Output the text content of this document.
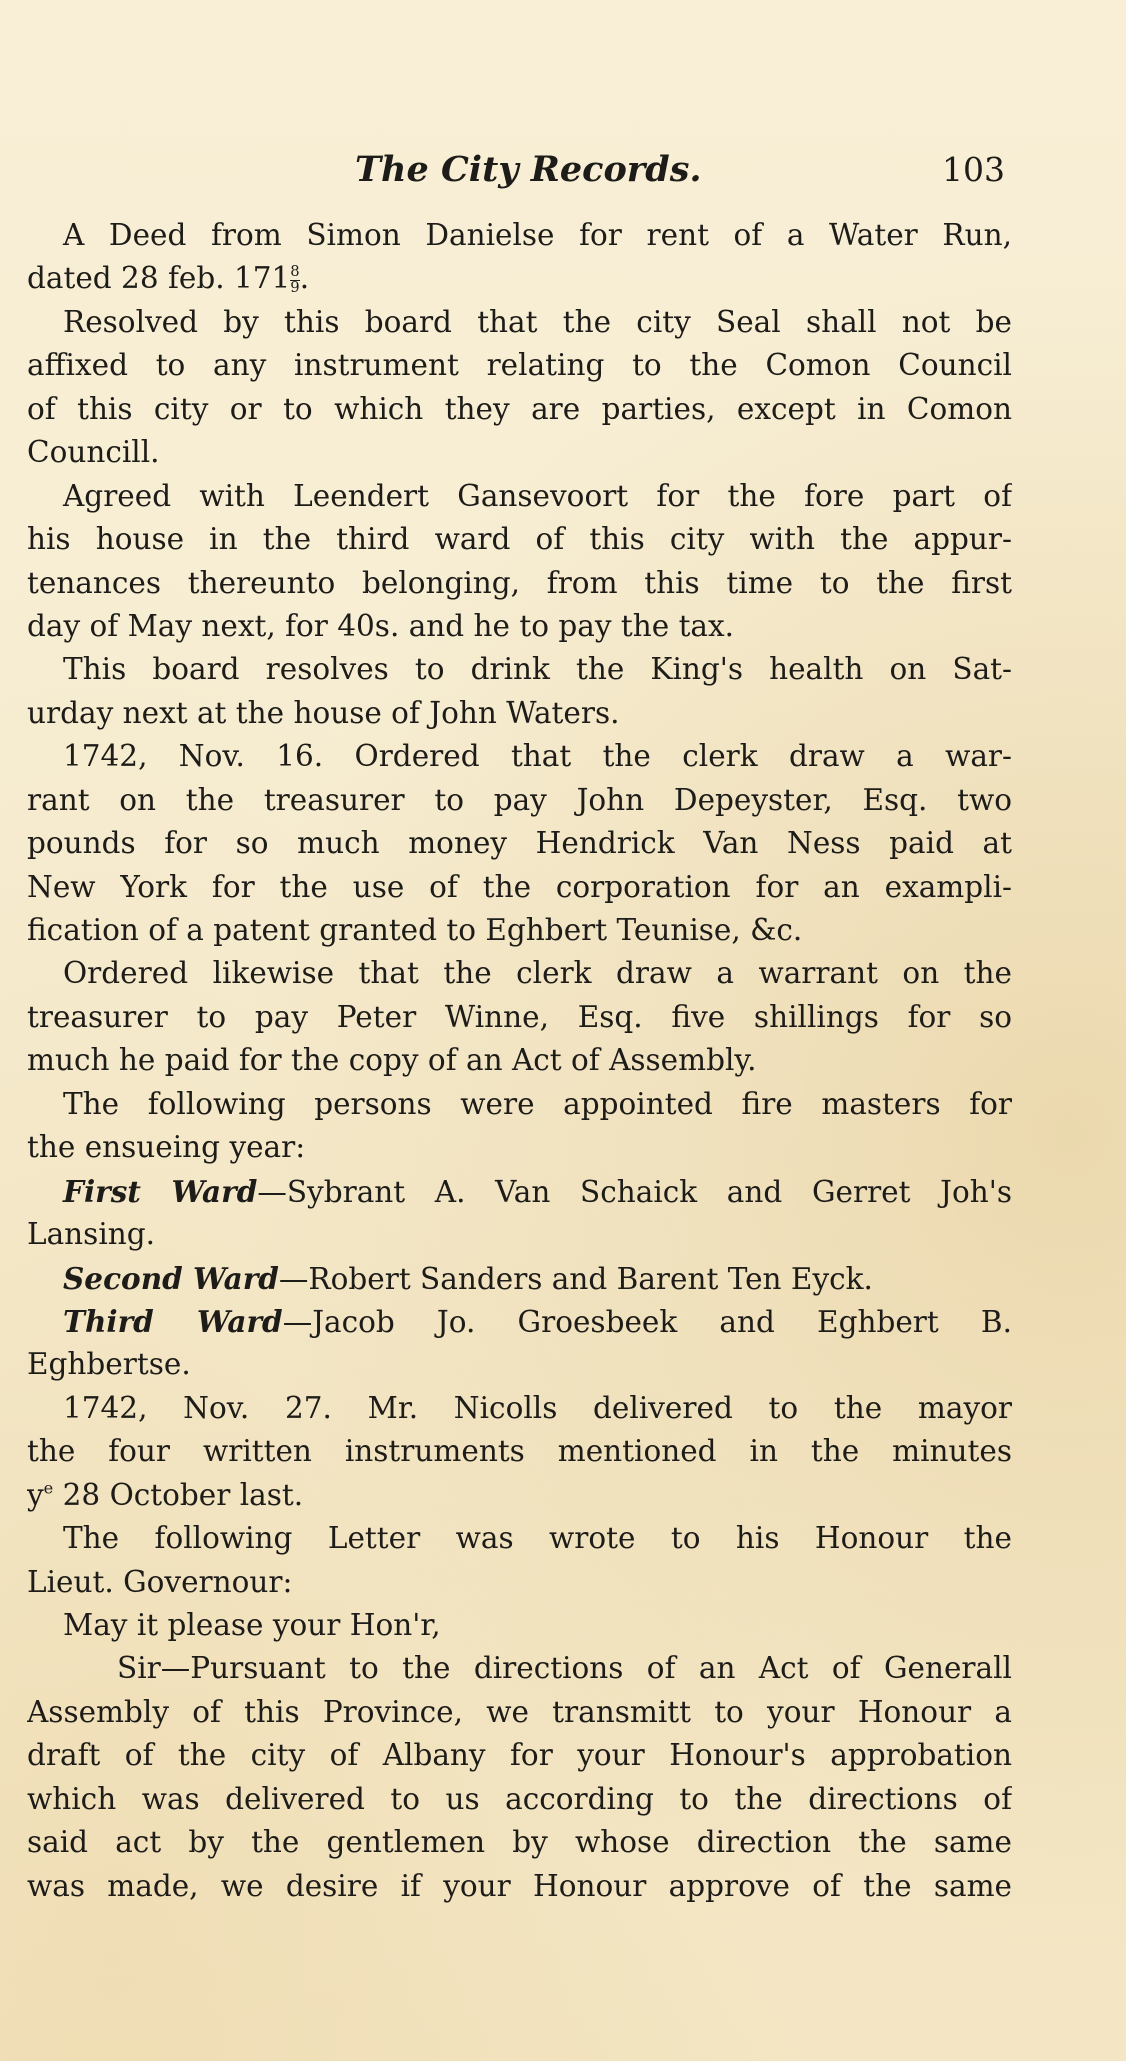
The City Records.	103
A Deed from Simon Danielse for rent of a Water Run,
dated 28 feb. $171 \frac{8}{9}$ .
Resolved by this board that the city Seal shall not be
affixed to any instrument relating to the Comon Council
of this city or to which they are parties, except in Comon
Councill.
Agreed with Leendert Gansevoort for the fore part of
his house in the third ward of this city with the appur-
tenances thereunto belonging, from this time to the first
day of May next, for 40s. and he to pay the tax.
This board resolves to drink the King's health on Sat-
urday next at the house of John Waters.
1742, Nov. 16. Ordered that the clerk draw a war-
rant on the treasurer to pay John Depeyster, Esq. two
pounds for so much money Hendrick Van Ness paid at
New York for the use of the corporation for an exampli-
fication of a patent granted to Eghbert Teunise, &c.
Ordered likewise that the clerk draw a warrant on the
treasurer to pay Peter Winne, Esq. five shillings for so
much he paid for the copy of an Act of Assembly.
The following persons were appointed fire masters for
the ensueing year:
First Ward—Sybrant A. Van Schaick and Gerret Joh's
Lansing.
Second Ward—Robert Sanders and Barent Ten Eyck.
Third Ward—Jacob Jo. Groesbeek and Eghbert B.
Eghbertse.
1742, Nov. 27. Mr. Nicolls delivered to the mayor
the four written instruments mentioned in the minutes
$y^e$ 28 October last.
The following Letter was wrote to his Honour the
Lieut. Governour:
May it please your Hon'r,
Sir—Pursuant to the directions of an Act of Generall
Assembly of this Province, we transmitt to your Honour a
draft of the city of Albany for your Honour's approbation
which was delivered to us according to the directions of
said act by the gentlemen by whose direction the same
was made, we desire if your Honour approve of the same
